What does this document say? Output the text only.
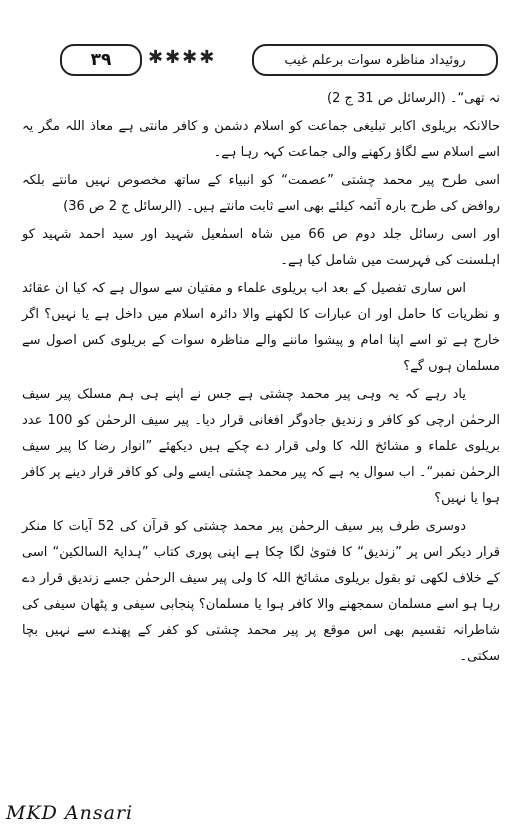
۳۹ ✱✱✱✱	روئیداد مناظرہ سوات برعلم غیب

نہ تھی“۔ (الرسائل ص 31 ج 2)

حالانکہ بریلوی اکابر تبلیغی جماعت کو اسلام دشمن و کافر مانتی ہے معاذ اللہ مگر یہ اسے اسلام سے لگاؤ رکھنے والی جماعت کہہ رہا ہے۔

اسی طرح پیر محمد چشتی ”عصمت“ کو انبیاء کے ساتھ مخصوص نہیں مانتے بلکہ روافض کی طرح بارہ آئمہ کیلئے بھی اسے ثابت مانتے ہیں۔ (الرسائل ج 2 ص 36)

اور اسی رسائل جلد دوم ص 66 میں شاہ اسمٰعیل شہید اور سید احمد شہید کو اہلسنت کی فہرست میں شامل کیا ہے۔

اس ساری تفصیل کے بعد اب بریلوی علماء و مفتیان سے سوال ہے کہ کیا ان عقائد و نظریات کا حامل اور ان عبارات کا لکھنے والا دائرہ اسلام میں داخل ہے یا نہیں؟ اگر خارج ہے تو اسے اپنا امام و پیشوا ماننے والے مناظرہ سوات کے بریلوی کس اصول سے مسلمان ہوں گے؟

یاد رہے کہ یہ وہی پیر محمد چشتی ہے جس نے اپنے ہی ہم مسلک پیر سیف الرحمٰن ارچی کو کافر و زندیق جادوگر افغانی قرار دیا۔ پیر سیف الرحمٰن کو 100 عدد بریلوی علماء و مشائخ اللہ کا ولی قرار دے چکے ہیں دیکھئے ”انوار رضا کا پیر سیف الرحمٰن نمبر“۔ اب سوال یہ ہے کہ پیر محمد چشتی ایسے ولی کو کافر قرار دینے پر کافر ہوا یا نہیں؟

دوسری طرف پیر سیف الرحمٰن پیر محمد چشتی کو قرآن کی 52 آیات کا منکر قرار دیکر اس پر ”زندیق“ کا فتویٰ لگا چکا ہے اپنی پوری کتاب ”ہدایۃ السالکین“ اسی کے خلاف لکھی تو بقول بریلوی مشائخ اللہ کا ولی پیر سیف الرحمٰن جسے زندیق قرار دے رہا ہو اسے مسلمان سمجھنے والا کافر ہوا یا مسلمان؟ پنجابی سیفی و پٹھان سیفی کی شاطرانہ تقسیم بھی اس موقع پر پیر محمد چشتی کو کفر کے پھندے سے نہیں بچا سکتی۔

MKD Ansari
